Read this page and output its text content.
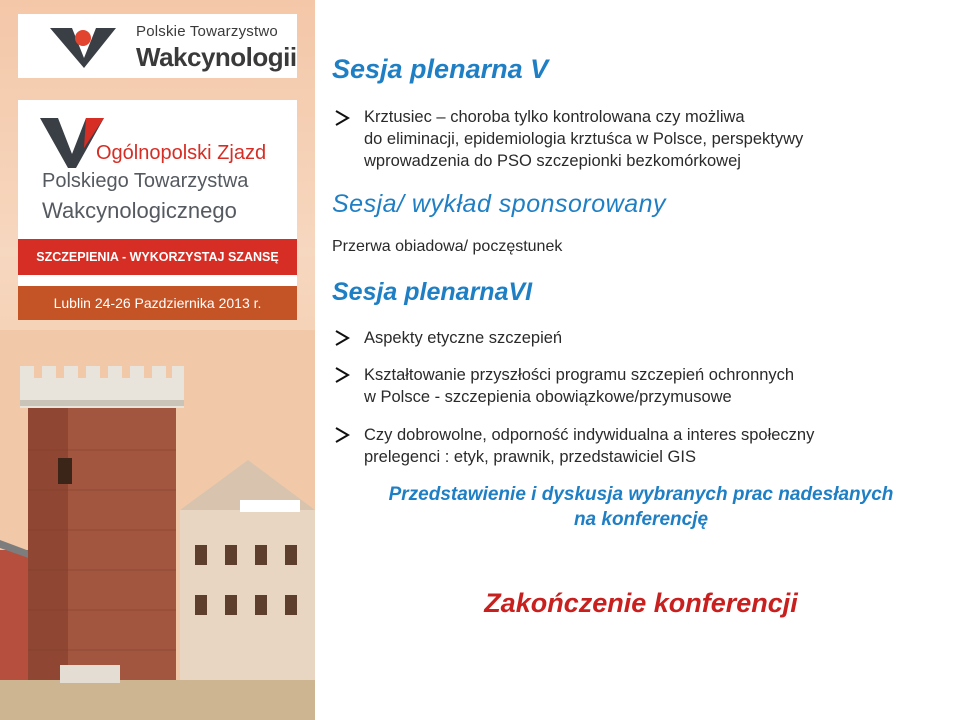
Polskie Towarzystwo
Wakcynologii
Ogólnopolski Zjazd
Polskiego Towarzystwa
Wakcynologicznego
SZCZEPIENIA - WYKORZYSTAJ SZANSĘ
Lublin 24-26 Pazdziernika 2013 r.
Sesja plenarna V
Krztusiec – choroba tylko kontrolowana czy możliwa
do eliminacji, epidemiologia krztuśca w Polsce, perspektywy
wprowadzenia do PSO szczepionki bezkomórkowej
Sesja/ wykład sponsorowany
Przerwa obiadowa/ poczęstunek
Sesja plenarnaVI
Aspekty etyczne szczepień
Kształtowanie przyszłości programu szczepień ochronnych
w Polsce - szczepienia obowiązkowe/przymusowe
Czy dobrowolne, odporność indywidualna a interes społeczny
prelegenci : etyk, prawnik, przedstawiciel GIS
Przedstawienie i dyskusja wybranych prac nadesłanych
na konferencję
Zakończenie konferencji
